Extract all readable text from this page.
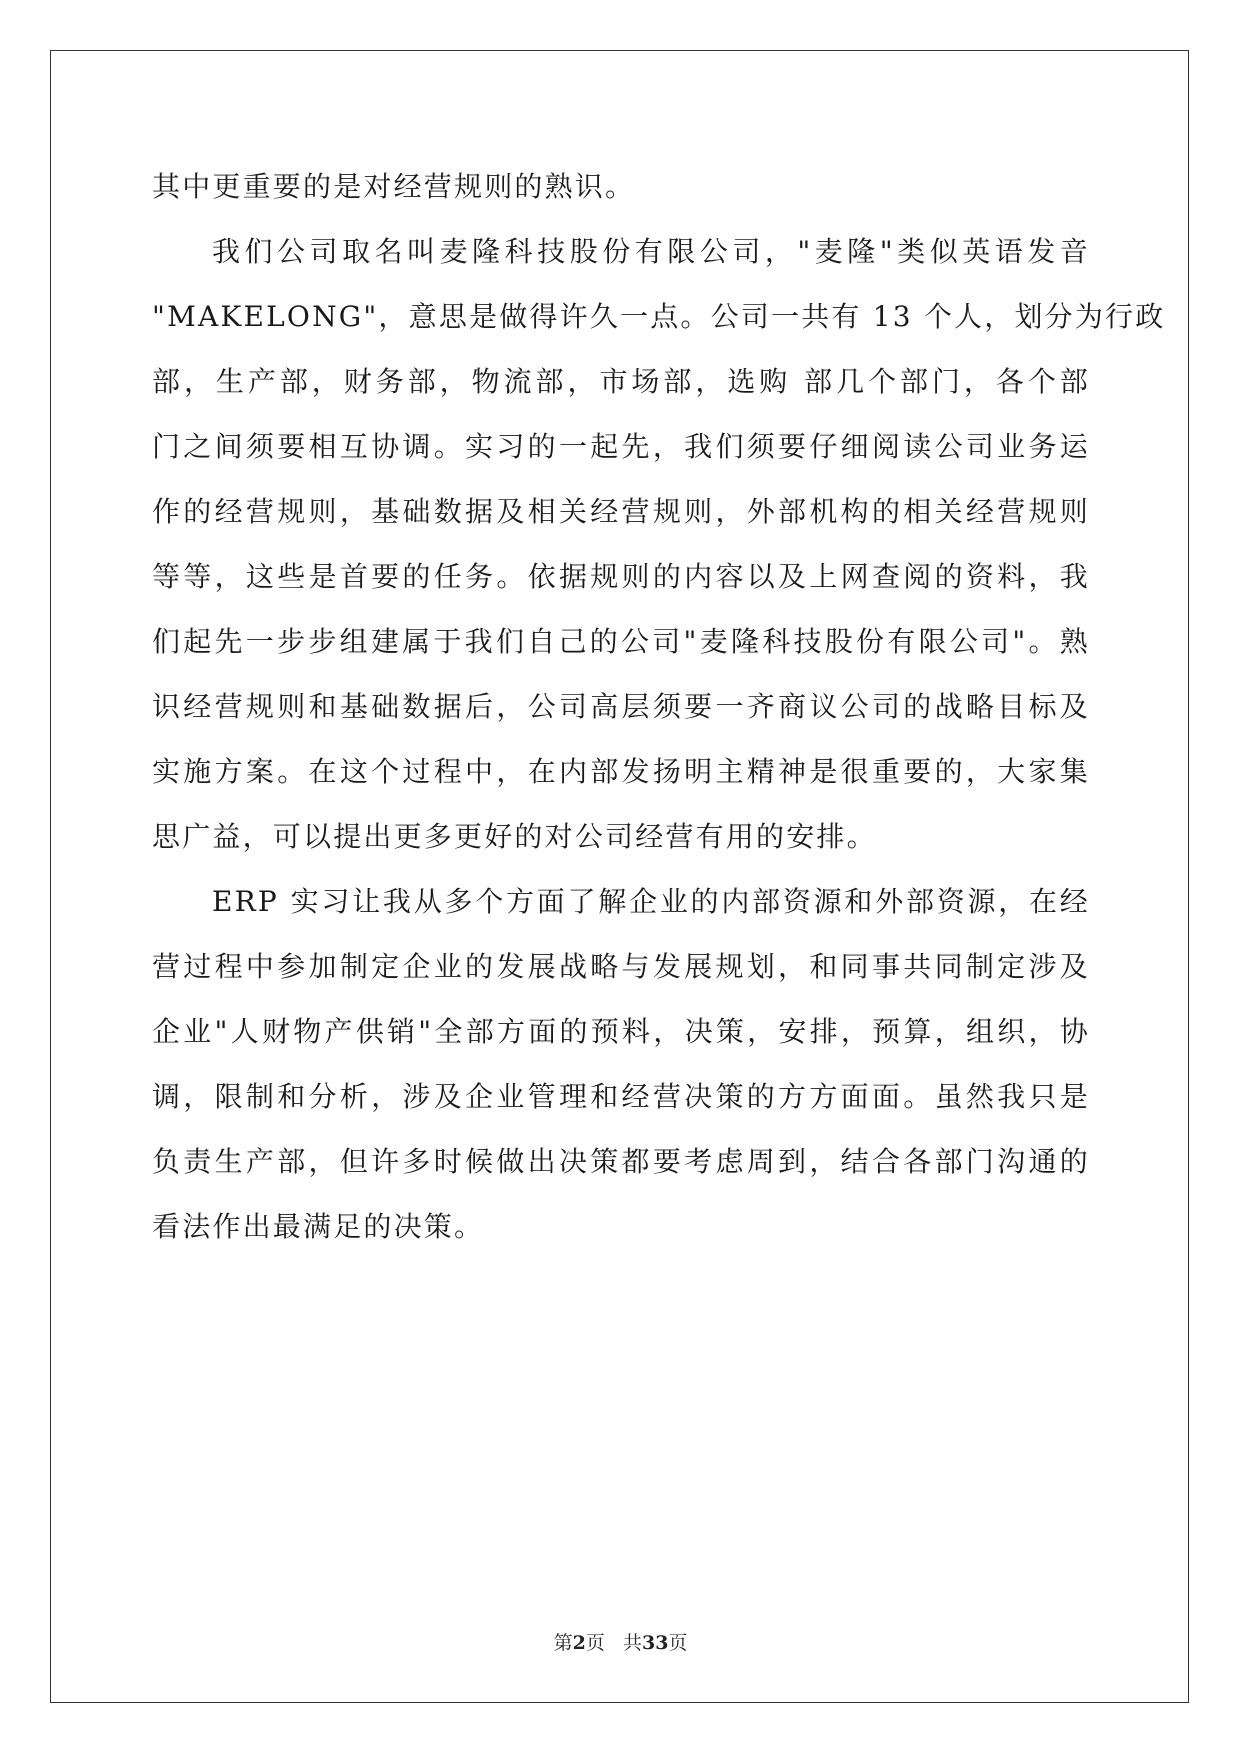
其中更重要的是对经营规则的熟识。
我们公司取名叫麦隆科技股份有限公司，"麦隆"类似英语发音
"MAKELONG"，意思是做得许久一点。公司一共有 13 个人，划分为行政
部，生产部，财务部，物流部，市场部，选购 部几个部门，各个部
门之间须要相互协调。实习的一起先，我们须要仔细阅读公司业务运
作的经营规则，基础数据及相关经营规则，外部机构的相关经营规则
等等，这些是首要的任务。依据规则的内容以及上网查阅的资料，我
们起先一步步组建属于我们自己的公司"麦隆科技股份有限公司"。熟
识经营规则和基础数据后，公司高层须要一齐商议公司的战略目标及
实施方案。在这个过程中，在内部发扬明主精神是很重要的，大家集
思广益，可以提出更多更好的对公司经营有用的安排。
ERP 实习让我从多个方面了解企业的内部资源和外部资源，在经
营过程中参加制定企业的发展战略与发展规划，和同事共同制定涉及
企业"人财物产供销"全部方面的预料，决策，安排，预算，组织，协
调，限制和分析，涉及企业管理和经营决策的方方面面。虽然我只是
负责生产部，但许多时候做出决策都要考虑周到，结合各部门沟通的
看法作出最满足的决策。
第2页 共33页
